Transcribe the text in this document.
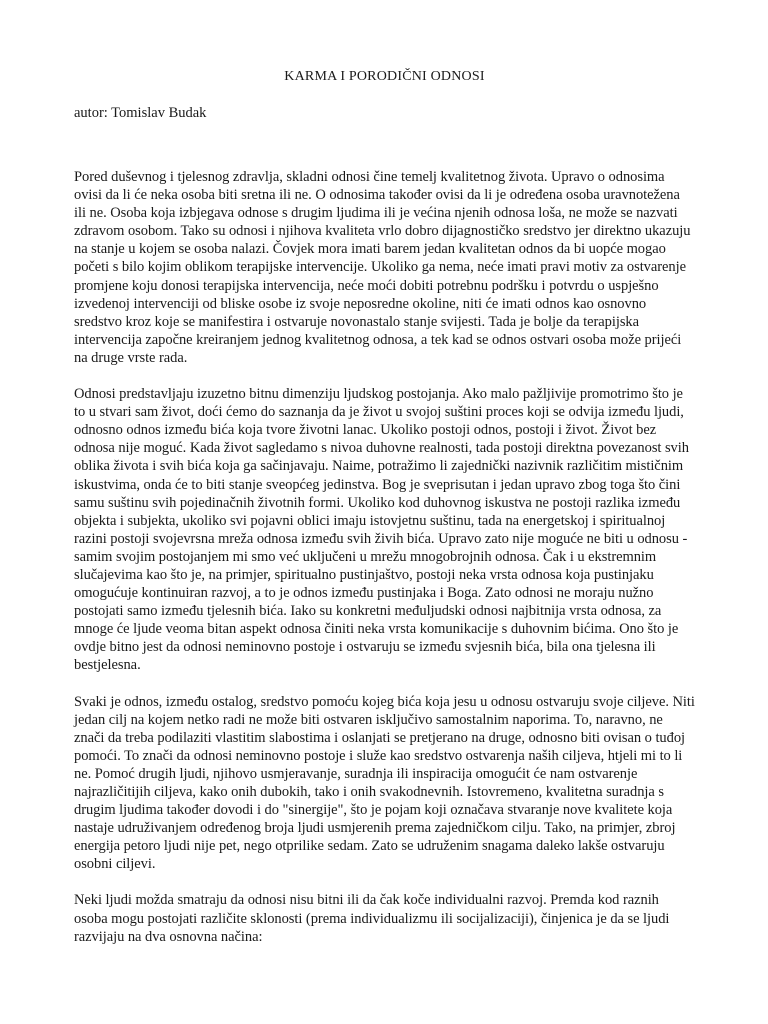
KARMA I PORODIČNI ODNOSI

autor: Tomislav Budak

Pored duševnog i tjelesnog zdravlja, skladni odnosi čine temelj kvalitetnog života. Upravo o odnosima ovisi da li će neka osoba biti sretna ili ne. O odnosima također ovisi da li je određena osoba uravnotežena ili ne. Osoba koja izbjegava odnose s drugim ljudima ili je većina njenih odnosa loša, ne može se nazvati zdravom osobom. Tako su odnosi i njihova kvaliteta vrlo dobro dijagnostičko sredstvo jer direktno ukazuju na stanje u kojem se osoba nalazi. Čovjek mora imati barem jedan kvalitetan odnos da bi uopće mogao početi s bilo kojim oblikom terapijske intervencije. Ukoliko ga nema, neće imati pravi motiv za ostvarenje promjene koju donosi terapijska intervencija, neće moći dobiti potrebnu podršku i potvrdu o uspješno izvedenoj intervenciji od bliske osobe iz svoje neposredne okoline, niti će imati odnos kao osnovno sredstvo kroz koje se manifestira i ostvaruje novonastalo stanje svijesti. Tada je bolje da terapijska intervencija započne kreiranjem jednog kvalitetnog odnosa, a tek kad se odnos ostvari osoba može prijeći na druge vrste rada.

Odnosi predstavljaju izuzetno bitnu dimenziju ljudskog postojanja. Ako malo pažljivije promotrimo što je to u stvari sam život, doći ćemo do saznanja da je život u svojoj suštini proces koji se odvija između ljudi, odnosno odnos između bića koja tvore životni lanac. Ukoliko postoji odnos, postoji i život. Život bez odnosa nije moguć. Kada život sagledamo s nivoa duhovne realnosti, tada postoji direktna povezanost svih oblika života i svih bića koja ga sačinjavaju. Naime, potražimo li zajednički nazivnik različitim mističnim iskustvima, onda će to biti stanje sveopćeg jedinstva. Bog je sveprisutan i jedan upravo zbog toga što čini samu suštinu svih pojedinačnih životnih formi. Ukoliko kod duhovnog iskustva ne postoji razlika između objekta i subjekta, ukoliko svi pojavni oblici imaju istovjetnu suštinu, tada na energetskoj i spiritualnoj razini postoji svojevrsna mreža odnosa između svih živih bića. Upravo zato nije moguće ne biti u odnosu - samim svojim postojanjem mi smo već uključeni u mrežu mnogobrojnih odnosa. Čak i u ekstremnim slučajevima kao što je, na primjer, spiritualno pustinjaštvo, postoji neka vrsta odnosa koja pustinjaku omogućuje kontinuiran razvoj, a to je odnos između pustinjaka i Boga. Zato odnosi ne moraju nužno postojati samo između tjelesnih bića. Iako su konkretni međuljudski odnosi najbitnija vrsta odnosa, za mnoge će ljude veoma bitan aspekt odnosa činiti neka vrsta komunikacije s duhovnim bićima. Ono što je ovdje bitno jest da odnosi neminovno postoje i ostvaruju se između svjesnih bića, bila ona tjelesna ili bestjelesna.

Svaki je odnos, između ostalog, sredstvo pomoću kojeg bića koja jesu u odnosu ostvaruju svoje ciljeve. Niti jedan cilj na kojem netko radi ne može biti ostvaren isključivo samostalnim naporima. To, naravno, ne znači da treba podilaziti vlastitim slabostima i oslanjati se pretjerano na druge, odnosno biti ovisan o tuđoj pomoći. To znači da odnosi neminovno postoje i služe kao sredstvo ostvarenja naših ciljeva, htjeli mi to li ne. Pomoć drugih ljudi, njihovo usmjeravanje, suradnja ili inspiracija omogućit će nam ostvarenje najrazličitijih ciljeva, kako onih dubokih, tako i onih svakodnevnih. Istovremeno, kvalitetna suradnja s drugim ljudima također dovodi i do "sinergije", što je pojam koji označava stvaranje nove kvalitete koja nastaje udruživanjem određenog broja ljudi usmjerenih prema zajedničkom cilju. Tako, na primjer, zbroj energija petoro ljudi nije pet, nego otprilike sedam. Zato se udruženim snagama daleko lakše ostvaruju osobni ciljevi.

Neki ljudi možda smatraju da odnosi nisu bitni ili da čak koče individualni razvoj. Premda kod raznih osoba mogu postojati različite sklonosti (prema individualizmu ili socijalizaciji), činjenica je da se ljudi razvijaju na dva osnovna načina:
